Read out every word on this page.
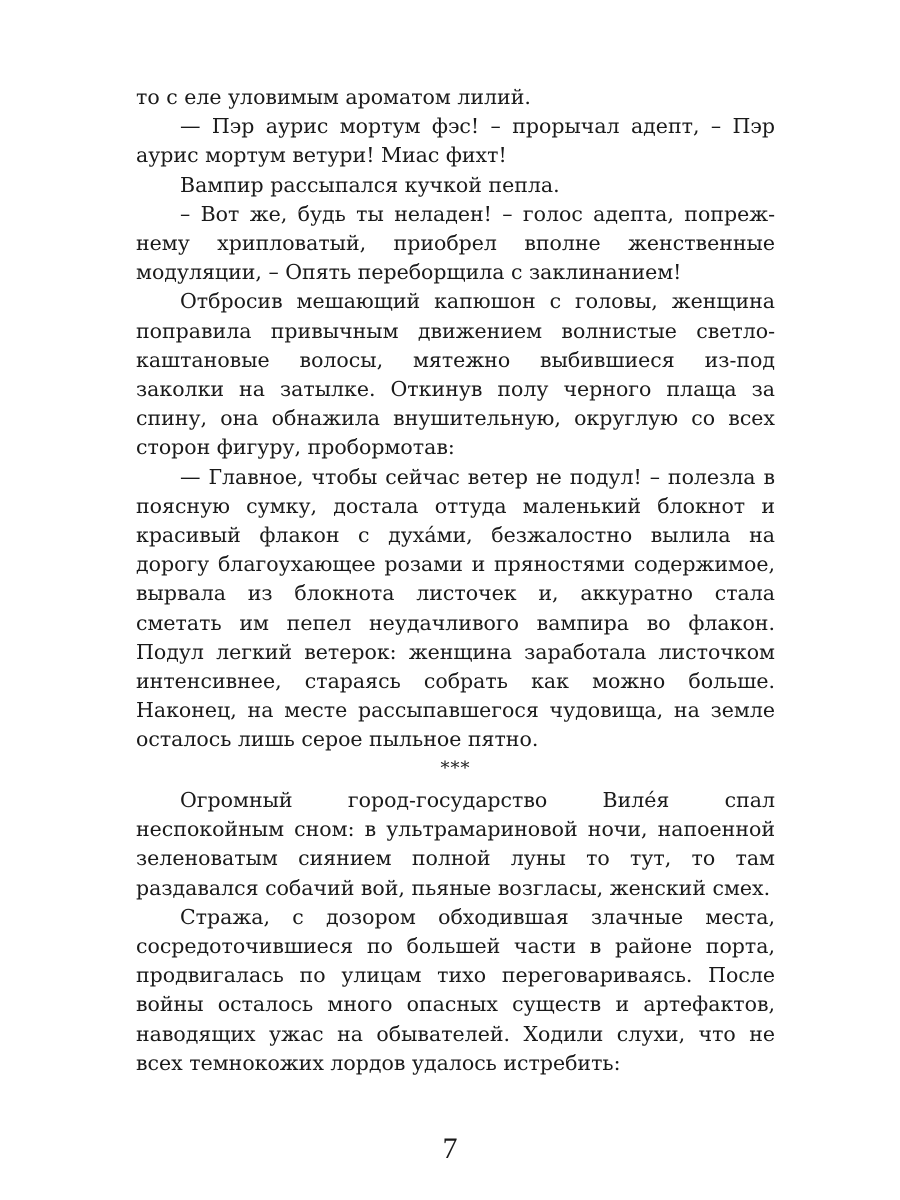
то с еле уловимым ароматом лилий.

— Пэр аурис мортум фэс! – прорычал адепт, – Пэр аурис мортум ветури! Миас фихт!

Вампир рассыпался кучкой пепла.

– Вот же, будь ты неладен! – голос адепта, попрежнему хрипловатый, приобрел вполне женственные модуляции, – Опять переборщила с заклинанием!

Отбросив мешающий капюшон с головы, женщина поправила привычным движением волнистые светло-каштановые волосы, мятежно выбившиеся из-под заколки на затылке. Откинув полу черного плаща за спину, она обнажила внушительную, округлую со всех сторон фигуру, пробормотав:

— Главное, чтобы сейчас ветер не подул! – полезла в поясную сумку, достала оттуда маленький блокнот и красивый флакон с духа́ми, безжалостно вылила на дорогу благоухающее розами и пряностями содержимое, вырвала из блокнота листочек и, аккуратно стала сметать им пепел неудачливого вампира во флакон. Подул легкий ветерок: женщина заработала листочком интенсивнее, стараясь собрать как можно больше. Наконец, на месте рассыпавшегося чудовища, на земле осталось лишь серое пыльное пятно.

***

Огромный город-государство Виле́я спал неспокойным сном: в ультрамариновой ночи, напоенной зеленоватым сиянием полной луны то тут, то там раздавался собачий вой, пьяные возгласы, женский смех.

Стража, с дозором обходившая злачные места, сосредоточившиеся по большей части в районе порта, продвигалась по улицам тихо переговариваясь. После войны осталось много опасных существ и артефактов, наводящих ужас на обывателей. Ходили слухи, что не всех темнокожих лордов удалось истребить:

7
